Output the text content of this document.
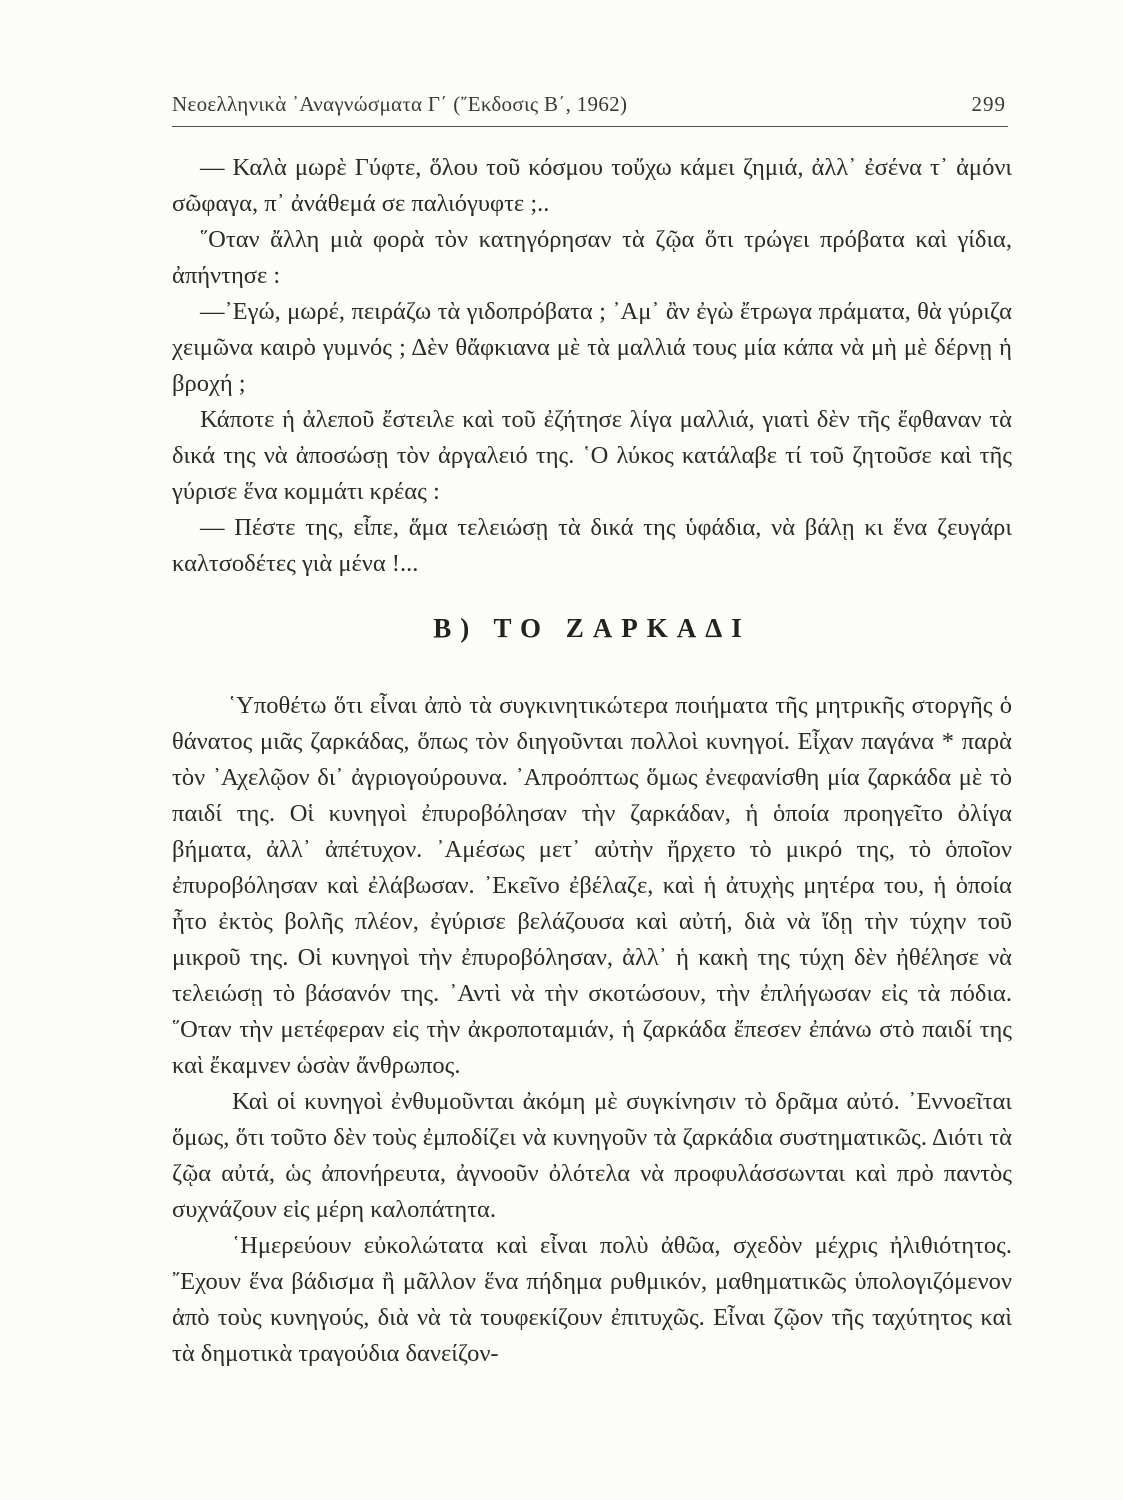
Νεοελληνικὰ ᾿Αναγνώσματα Γ΄ (῎Εκδοσις Β΄, 1962)	299

— Καλὰ μωρὲ Γύφτε, ὅλου τοῦ κόσμου τοὔχω κάμει ζημιά, ἀλλ᾿ ἐσένα τ᾿ ἀμόνι σῶφαγα, π᾿ ἀνάθεμά σε παλιόγυφτε ;..

῞Οταν ἄλλη μιὰ φορὰ τὸν κατηγόρησαν τὰ ζῷα ὅτι τρώγει πρόβατα καὶ γίδια, ἀπήντησε :

—᾿Εγώ, μωρέ, πειράζω τὰ γιδοπρόβατα ; ᾿Αμ᾿ ἂν ἐγὼ ἔτρωγα πράματα, θὰ γύριζα χειμῶνα καιρὸ γυμνός ; Δὲν θἄφκιανα μὲ τὰ μαλλιά τους μία κάπα νὰ μὴ μὲ δέρνῃ ἡ βροχή ;

Κάποτε ἡ ἀλεποῦ ἔστειλε καὶ τοῦ ἐζήτησε λίγα μαλλιά, γιατὶ δὲν τῆς ἔφθαναν τὰ δικά της νὰ ἀποσώσῃ τὸν ἀργαλειό της. ῾Ο λύκος κατάλαβε τί τοῦ ζητοῦσε καὶ τῆς γύρισε ἕνα κομμάτι κρέας :

— Πέστε της, εἶπε, ἅμα τελειώσῃ τὰ δικά της ὑφάδια, νὰ βάλῃ κι ἕνα ζευγάρι καλτσοδέτες γιὰ μένα !...

Β) ΤΟ ΖΑΡΚΑΔΙ

῾Υποθέτω ὅτι εἶναι ἀπὸ τὰ συγκινητικώτερα ποιήματα τῆς μητρικῆς στοργῆς ὁ θάνατος μιᾶς ζαρκάδας, ὅπως τὸν διηγοῦνται πολλοὶ κυνηγοί. Εἶχαν παγάνα * παρὰ τὸν ᾿Αχελῷον δι᾿ ἀγριογούρουνα. ᾿Απροόπτως ὅμως ἐνεφανίσθη μία ζαρκάδα μὲ τὸ παιδί της. Οἱ κυνηγοὶ ἐπυροβόλησαν τὴν ζαρκάδαν, ἡ ὁποία προηγεῖτο ὀλίγα βήματα, ἀλλ᾿ ἀπέτυχον. ᾿Αμέσως μετ᾿ αὐτὴν ἤρχετο τὸ μικρό της, τὸ ὁποῖον ἐπυροβόλησαν καὶ ἐλάβωσαν. ᾿Εκεῖνο ἐβέλαζε, καὶ ἡ ἀτυχὴς μητέρα του, ἡ ὁποία ἦτο ἐκτὸς βολῆς πλέον, ἐγύρισε βελάζουσα καὶ αὐτή, διὰ νὰ ἴδῃ τὴν τύχην τοῦ μικροῦ της. Οἱ κυνηγοὶ τὴν ἐπυροβόλησαν, ἀλλ᾿ ἡ κακὴ της τύχη δὲν ἠθέλησε νὰ τελειώσῃ τὸ βάσανόν της. ᾿Αντὶ νὰ τὴν σκοτώσουν, τὴν ἐπλήγωσαν εἰς τὰ πόδια. ῞Οταν τὴν μετέφεραν εἰς τὴν ἀκροποταμιάν, ἡ ζαρκάδα ἔπεσεν ἐπάνω στὸ παιδί της καὶ ἔκαμνεν ὡσὰν ἄνθρωπος.

Καὶ οἱ κυνηγοὶ ἐνθυμοῦνται ἀκόμη μὲ συγκίνησιν τὸ δρᾶμα αὐτό. ᾿Εννοεῖται ὅμως, ὅτι τοῦτο δὲν τοὺς ἐμποδίζει νὰ κυνηγοῦν τὰ ζαρκάδια συστηματικῶς. Διότι τὰ ζῷα αὐτά, ὡς ἀπονήρευτα, ἀγνοοῦν ὀλότελα νὰ προφυλάσσωνται καὶ πρὸ παντὸς συχνάζουν εἰς μέρη καλοπάτητα.

῾Ημερεύουν εὐκολώτατα καὶ εἶναι πολὺ ἀθῶα, σχεδὸν μέχρις ἠλιθιότητος. ῎Εχουν ἕνα βάδισμα ἢ μᾶλλον ἕνα πήδημα ρυθμικόν, μαθηματικῶς ὑπολογιζόμενον ἀπὸ τοὺς κυνηγούς, διὰ νὰ τὰ τουφεκίζουν ἐπιτυχῶς. Εἶναι ζῷον τῆς ταχύτητος καὶ τὰ δημοτικὰ τραγούδια δανείζον-
